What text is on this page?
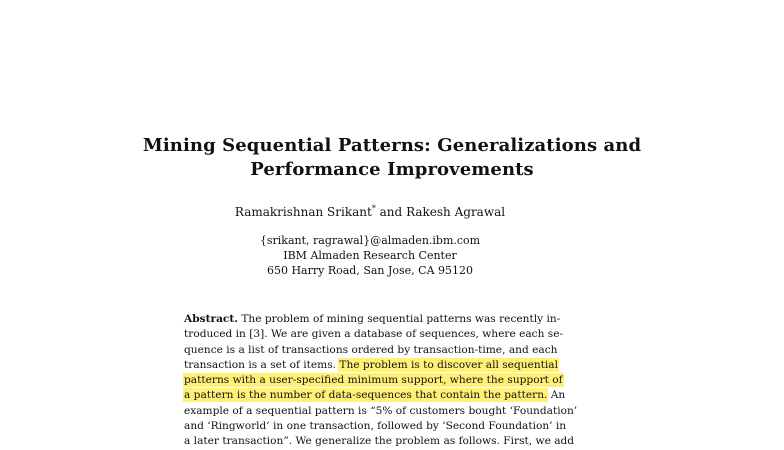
Mining Sequential Patterns: Generalizations and
Performance Improvements
Ramakrishnan Srikant* and Rakesh Agrawal
{srikant, ragrawal}@almaden.ibm.com
IBM Almaden Research Center
650 Harry Road, San Jose, CA 95120
Abstract. The problem of mining sequential patterns was recently in-
troduced in [3]. We are given a database of sequences, where each se-
quence is a list of transactions ordered by transaction-time, and each
transaction is a set of items. The problem is to discover all sequential
patterns with a user-specified minimum support, where the support of
a pattern is the number of data-sequences that contain the pattern. An
example of a sequential pattern is “5% of customers bought ‘Foundation’
and ‘Ringworld’ in one transaction, followed by ‘Second Foundation’ in
a later transaction”. We generalize the problem as follows. First, we add
